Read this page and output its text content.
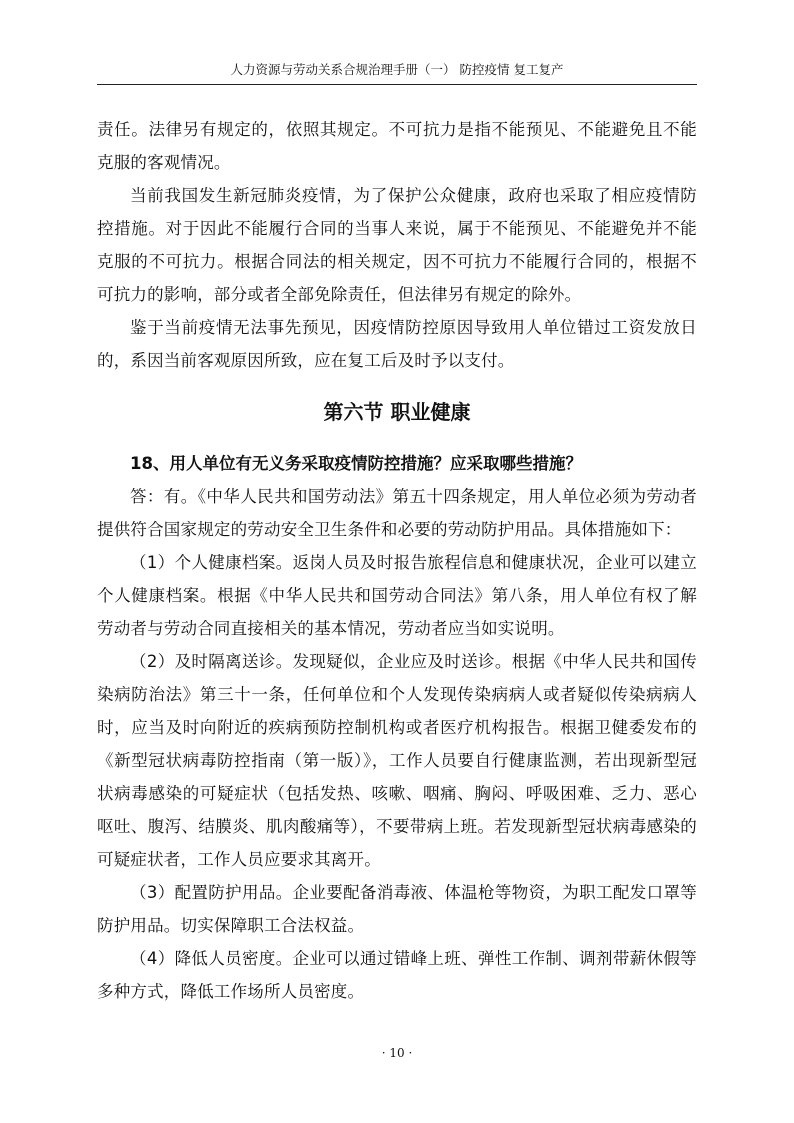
人力资源与劳动关系合规治理手册（一） 防控疫情 复工复产

责任。法律另有规定的，依照其规定。不可抗力是指不能预见、不能避免且不能克服的客观情况。

当前我国发生新冠肺炎疫情，为了保护公众健康，政府也采取了相应疫情防控措施。对于因此不能履行合同的当事人来说，属于不能预见、不能避免并不能克服的不可抗力。根据合同法的相关规定，因不可抗力不能履行合同的，根据不可抗力的影响，部分或者全部免除责任，但法律另有规定的除外。

鉴于当前疫情无法事先预见，因疫情防控原因导致用人单位错过工资发放日的，系因当前客观原因所致，应在复工后及时予以支付。

第六节 职业健康

18、用人单位有无义务采取疫情防控措施？应采取哪些措施？

答：有。《中华人民共和国劳动法》第五十四条规定，用人单位必须为劳动者提供符合国家规定的劳动安全卫生条件和必要的劳动防护用品。具体措施如下：

（1）个人健康档案。返岗人员及时报告旅程信息和健康状况，企业可以建立个人健康档案。根据《中华人民共和国劳动合同法》第八条，用人单位有权了解劳动者与劳动合同直接相关的基本情况，劳动者应当如实说明。

（2）及时隔离送诊。发现疑似，企业应及时送诊。根据《中华人民共和国传染病防治法》第三十一条，任何单位和个人发现传染病病人或者疑似传染病病人时，应当及时向附近的疾病预防控制机构或者医疗机构报告。根据卫健委发布的《新型冠状病毒防控指南（第一版）》，工作人员要自行健康监测，若出现新型冠状病毒感染的可疑症状（包括发热、咳嗽、咽痛、胸闷、呼吸困难、乏力、恶心呕吐、腹泻、结膜炎、肌肉酸痛等），不要带病上班。若发现新型冠状病毒感染的可疑症状者，工作人员应要求其离开。

（3）配置防护用品。企业要配备消毒液、体温枪等物资，为职工配发口罩等防护用品。切实保障职工合法权益。

（4）降低人员密度。企业可以通过错峰上班、弹性工作制、调剂带薪休假等多种方式，降低工作场所人员密度。

· 10 ·
